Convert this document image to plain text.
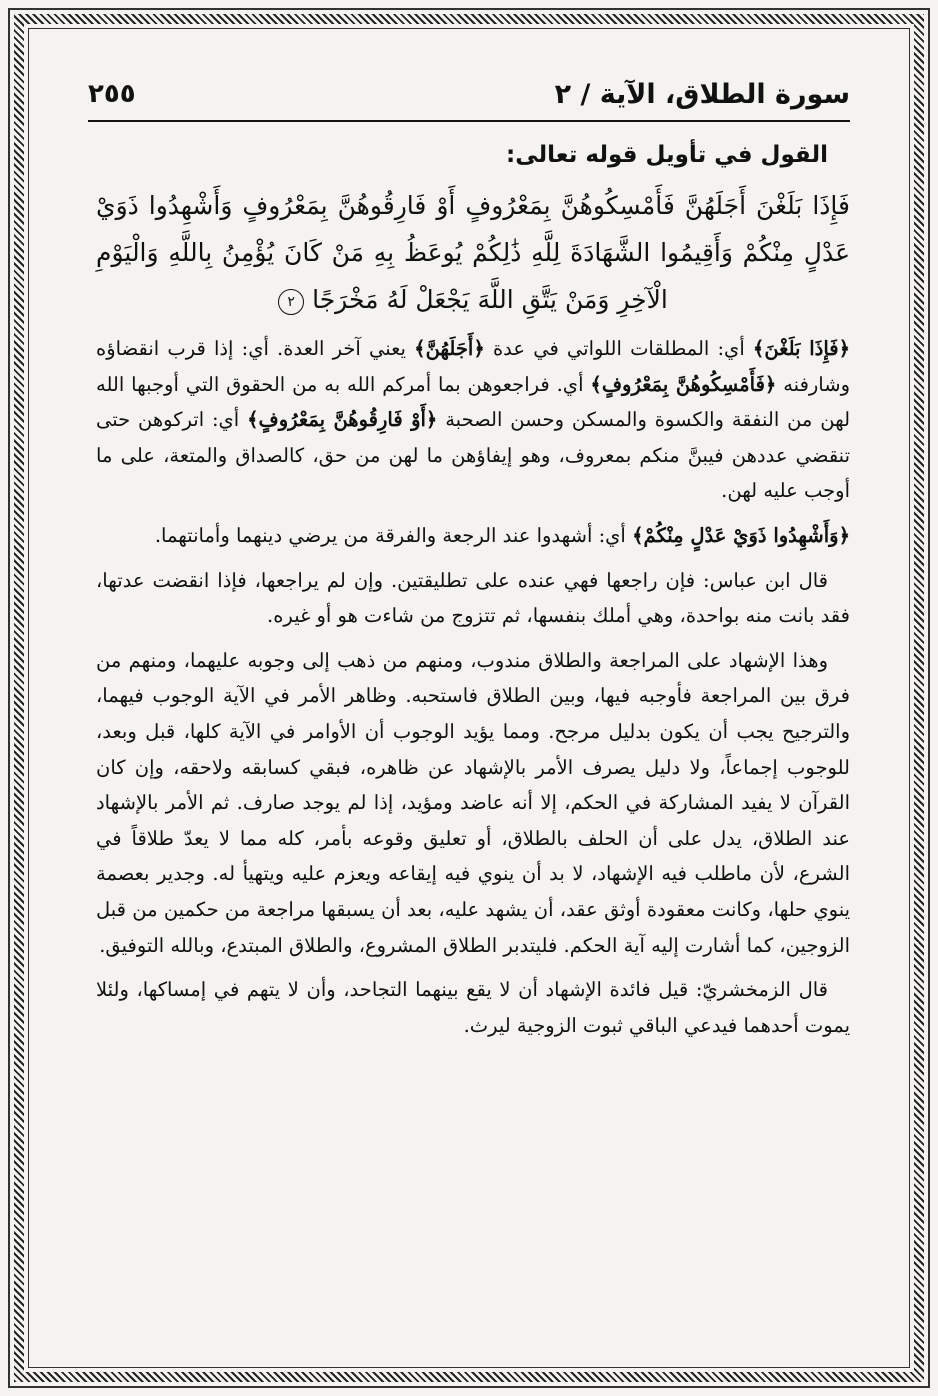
سورة الطلاق، الآية / ٢
٢٥٥
القول في تأويل قوله تعالى:
فَإِذَا بَلَغْنَ أَجَلَهُنَّ فَأَمْسِكُوهُنَّ بِمَعْرُوفٍ أَوْ فَارِقُوهُنَّ بِمَعْرُوفٍ وَأَشْهِدُوا ذَوَيْ عَدْلٍ مِنْكُمْ وَأَقِيمُوا الشَّهَادَةَ لِلَّهِ ذَٰلِكُمْ يُوعَظُ بِهِ مَنْ كَانَ يُؤْمِنُ بِاللَّهِ وَالْيَوْمِ الْآخِرِ وَمَنْ يَتَّقِ اللَّهَ يَجْعَلْ لَهُ مَخْرَجًا ٢

﴿فَإِذَا بَلَغْنَ﴾ أي: المطلقات اللواتي في عدة ﴿أَجَلَهُنَّ﴾ يعني آخر العدة. أي: إذا قرب انقضاؤه وشارفنه ﴿فَأَمْسِكُوهُنَّ بِمَعْرُوفٍ﴾ أي. فراجعوهن بما أمركم الله به من الحقوق التي أوجبها الله لهن من النفقة والكسوة والمسكن وحسن الصحبة ﴿أَوْ فَارِقُوهُنَّ بِمَعْرُوفٍ﴾ أي: اتركوهن حتى تنقضي عددهن فيبنَّ منكم بمعروف، وهو إيفاؤهن ما لهن من حق، كالصداق والمتعة، على ما أوجب عليه لهن.

﴿وَأَشْهِدُوا ذَوَيْ عَدْلٍ مِنْكُمْ﴾ أي: أشهدوا عند الرجعة والفرقة من يرضي دينهما وأمانتهما.

قال ابن عباس: فإن راجعها فهي عنده على تطليقتين. وإن لم يراجعها، فإذا انقضت عدتها، فقد بانت منه بواحدة، وهي أملك بنفسها، ثم تتزوج من شاءت هو أو غيره.

وهذا الإشهاد على المراجعة والطلاق مندوب، ومنهم من ذهب إلى وجوبه عليهما، ومنهم من فرق بين المراجعة فأوجبه فيها، وبين الطلاق فاستحبه. وظاهر الأمر في الآية الوجوب فيهما، والترجيح يجب أن يكون بدليل مرجح. ومما يؤيد الوجوب أن الأوامر في الآية كلها، قبل وبعد، للوجوب إجماعاً، ولا دليل يصرف الأمر بالإشهاد عن ظاهره، فبقي كسابقه ولاحقه، وإن كان القرآن لا يفيد المشاركة في الحكم، إلا أنه عاضد ومؤيد، إذا لم يوجد صارف. ثم الأمر بالإشهاد عند الطلاق، يدل على أن الحلف بالطلاق، أو تعليق وقوعه بأمر، كله مما لا يعدّ طلاقاً في الشرع، لأن ماطلب فيه الإشهاد، لا بد أن ينوي فيه إيقاعه ويعزم عليه ويتهيأ له. وجدير بعصمة ينوي حلها، وكانت معقودة أوثق عقد، أن يشهد عليه، بعد أن يسبقها مراجعة من حكمين من قبل الزوجين، كما أشارت إليه آية الحكم. فليتدبر الطلاق المشروع، والطلاق المبتدع، وبالله التوفيق.

قال الزمخشريّ: قيل فائدة الإشهاد أن لا يقع بينهما التجاحد، وأن لا يتهم في إمساكها، ولئلا يموت أحدهما فيدعي الباقي ثبوت الزوجية ليرث.
